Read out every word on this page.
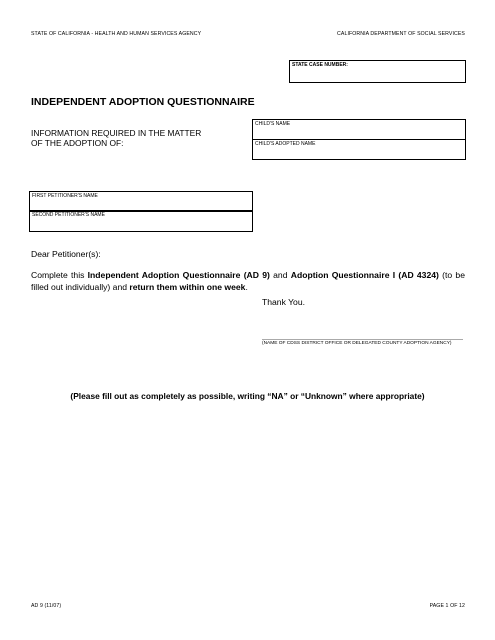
STATE OF CALIFORNIA - HEALTH AND HUMAN SERVICES AGENCY	CALIFORNIA DEPARTMENT OF SOCIAL SERVICES
STATE CASE NUMBER:
INDEPENDENT ADOPTION QUESTIONNAIRE
INFORMATION REQUIRED IN THE MATTER
OF THE ADOPTION OF:
CHILD'S NAME
CHILD'S ADOPTED NAME
FIRST PETITIONER'S NAME
SECOND PETITIONER'S NAME
Dear Petitioner(s):
Complete this Independent Adoption Questionnaire (AD 9) and Adoption Questionnaire I (AD 4324) (to be filled out individually) and return them within one week.
Thank You.
(NAME OF CDSS DISTRICT OFFICE OR DELEGATED COUNTY ADOPTION AGENCY)
(Please fill out as completely as possible, writing “NA” or “Unknown” where appropriate)
AD 9 (11/07)	PAGE 1 OF 12
